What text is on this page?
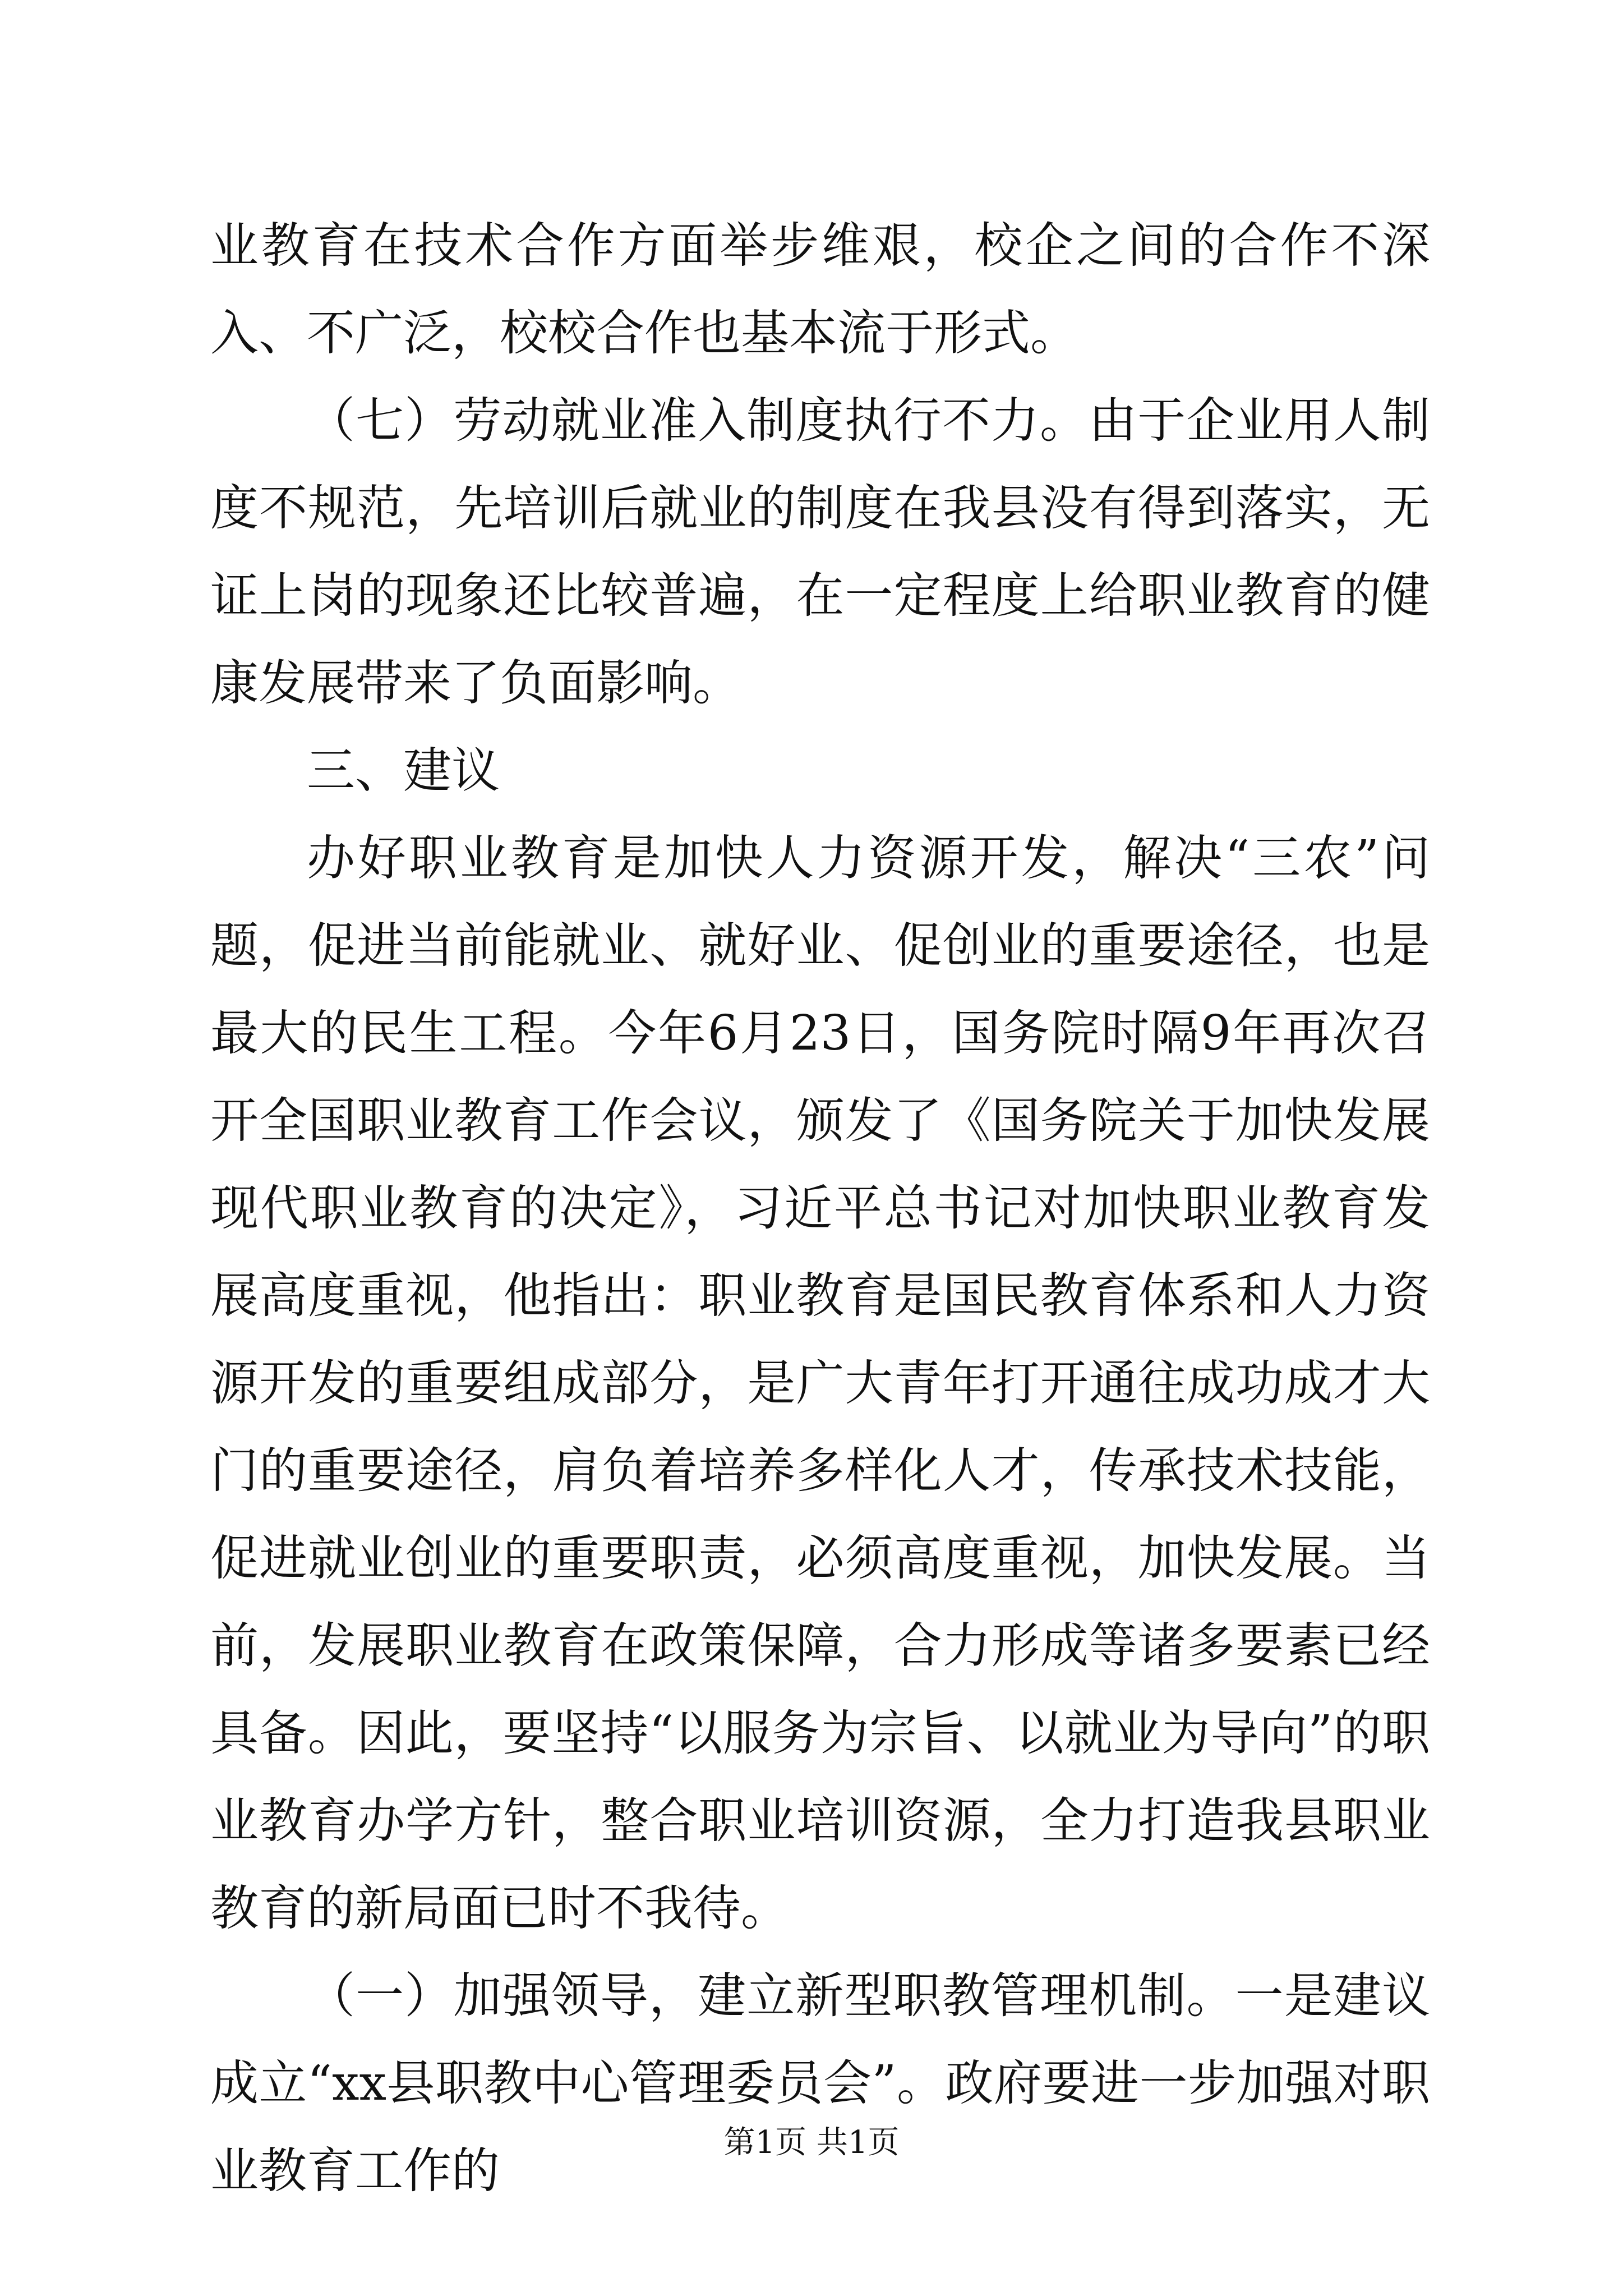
业教育在技术合作方面举步维艰，校企之间的合作不深入、不广泛，校校合作也基本流于形式。

（七）劳动就业准入制度执行不力。由于企业用人制度不规范，先培训后就业的制度在我县没有得到落实，无证上岗的现象还比较普遍，在一定程度上给职业教育的健康发展带来了负面影响。

三、建议

办好职业教育是加快人力资源开发，解决“三农”问题，促进当前能就业、就好业、促创业的重要途径，也是最大的民生工程。今年6月23日，国务院时隔9年再次召开全国职业教育工作会议，颁发了《国务院关于加快发展现代职业教育的决定》，习近平总书记对加快职业教育发展高度重视，他指出：职业教育是国民教育体系和人力资源开发的重要组成部分，是广大青年打开通往成功成才大门的重要途径，肩负着培养多样化人才，传承技术技能，促进就业创业的重要职责，必须高度重视，加快发展。当前，发展职业教育在政策保障，合力形成等诸多要素已经具备。因此，要坚持“以服务为宗旨、以就业为导向”的职业教育办学方针，整合职业培训资源，全力打造我县职业教育的新局面已时不我待。

（一）加强领导，建立新型职教管理机制。一是建议成立“xx县职教中心管理委员会”。政府要进一步加强对职业教育工作的

第1页 共1页
